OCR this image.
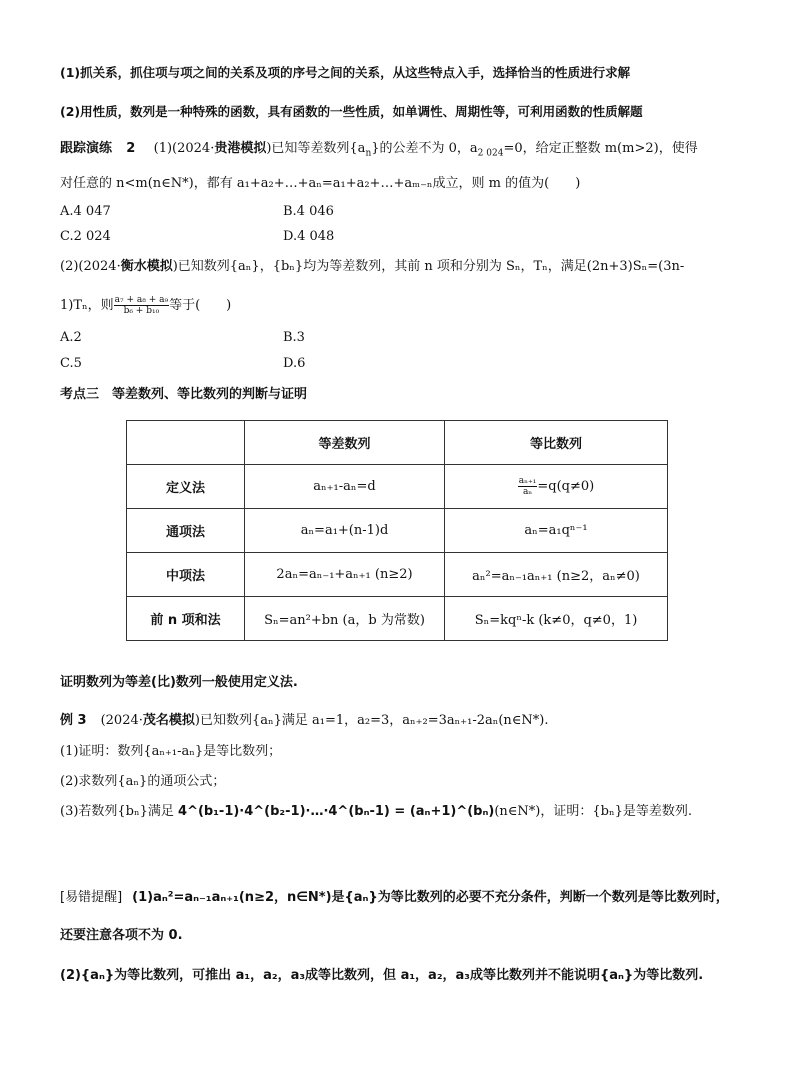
(1)抓关系，抓住项与项之间的关系及项的序号之间的关系，从这些特点入手，选择恰当的性质进行求解
(2)用性质，数列是一种特殊的函数，具有函数的一些性质，如单调性、周期性等，可利用函数的性质解题
跟踪演练 2 (1)(2024·贵港模拟)已知等差数列$\{a_n\}$的公差不为 0，$a_{2 024}=0$，给定正整数 m(m>2)，使得
对任意的 n<m(n∈N*)，都有 a₁+a₂+…+aₙ=a₁+a₂+…+aₘ₋ₙ成立，则 m 的值为(　　)
A.4 047	B.4 046
C.2 024	D.4 048
(2)(2024·衡水模拟)已知数列{aₙ}，{bₙ}均为等差数列，其前 n 项和分别为 Sₙ，Tₙ，满足(2n+3)Sₙ=(3n-
1)Tₙ，则 $\frac{\text{a₇ + a₈ + a₉}}{\text{b₆ + b₁₀}}$ 等于(　　)
A.2	B.3
C.5	D.6
考点三　等差数列、等比数列的判断与证明
	等差数列	等比数列
定义法	aₙ₊₁-aₙ=d	$\frac{\text{aₙ₊₁}}{\text{aₙ}} =q(q\ne 0)$
通项法	aₙ=a₁+(n-1)d	aₙ=a₁qⁿ⁻¹
中项法	2aₙ=aₙ₋₁+aₙ₊₁ (n≥2)	aₙ²=aₙ₋₁aₙ₊₁ (n≥2，aₙ≠0)
前 n 项和法	Sₙ=an²+bn (a，b 为常数)	Sₙ=kqⁿ-k (k≠0，q≠0，1)
证明数列为等差(比)数列一般使用定义法.
例 3 (2024·茂名模拟)已知数列{aₙ}满足 a₁=1，a₂=3，aₙ₊₂=3aₙ₊₁-2aₙ(n∈N*).
(1)证明：数列{aₙ₊₁-aₙ}是等比数列；
(2)求数列{aₙ}的通项公式；
(3)若数列{bₙ}满足 4^(b₁-1)·4^(b₂-1)·…·4^(bₙ-1) = (aₙ+1)^(bₙ)(n∈N*)，证明：{bₙ}是等差数列.
[易错提醒] (1)aₙ²=aₙ₋₁aₙ₊₁(n≥2，n∈N*)是{aₙ}为等比数列的必要不充分条件，判断一个数列是等比数列时，
还要注意各项不为 0.
(2){aₙ}为等比数列，可推出 a₁，a₂，a₃成等比数列，但 a₁，a₂，a₃成等比数列并不能说明{aₙ}为等比数列.
